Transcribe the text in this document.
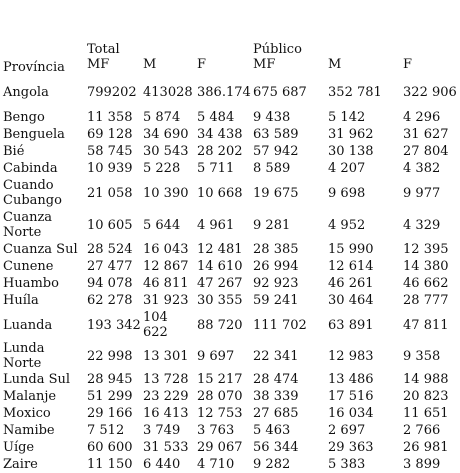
Província	Total			Público		
	MF	M	F	MF	M	F
Angola	799202	413028	386.174	675 687	352 781	322 906
Bengo	11 358	5 874	5 484	9 438	5 142	4 296
Benguela	69 128	34 690	34 438	63 589	31 962	31 627
Bié	58 745	30 543	28 202	57 942	30 138	27 804
Cabinda	10 939	5 228	5 711	8 589	4 207	4 382
Cuando Cubango	21 058	10 390	10 668	19 675	9 698	9 977
Cuanza Norte	10 605	5 644	4 961	9 281	4 952	4 329
Cuanza Sul	28 524	16 043	12 481	28 385	15 990	12 395
Cunene	27 477	12 867	14 610	26 994	12 614	14 380
Huambo	94 078	46 811	47 267	92 923	46 261	46 662
Huíla	62 278	31 923	30 355	59 241	30 464	28 777
Luanda	193 342	104 622	88 720	111 702	63 891	47 811
Lunda Norte	22 998	13 301	9 697	22 341	12 983	9 358
Lunda Sul	28 945	13 728	15 217	28 474	13 486	14 988
Malanje	51 299	23 229	28 070	38 339	17 516	20 823
Moxico	29 166	16 413	12 753	27 685	16 034	11 651
Namibe	7 512	3 749	3 763	5 463	2 697	2 766
Uíge	60 600	31 533	29 067	56 344	29 363	26 981
Zaire	11 150	6 440	4 710	9 282	5 383	3 899
